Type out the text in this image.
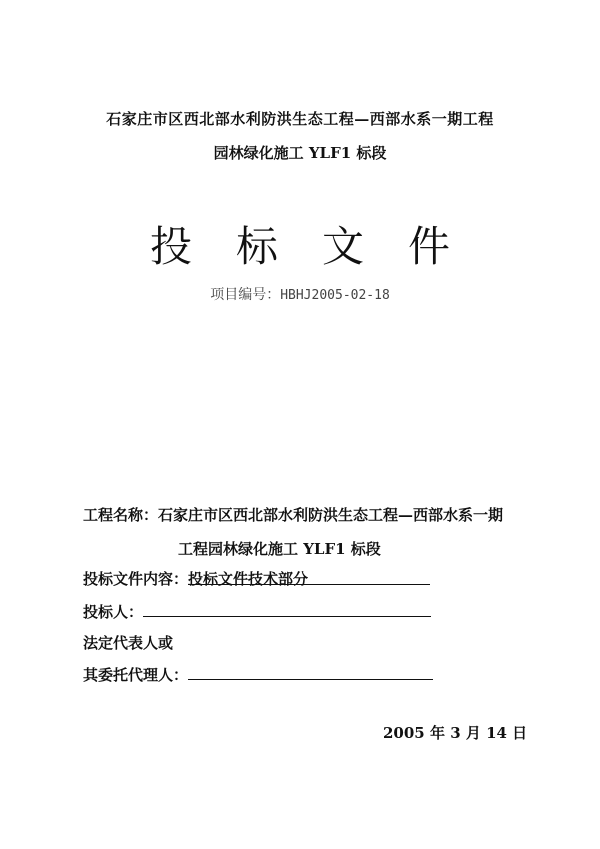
石家庄市区西北部水利防洪生态工程—西部水系一期工程
园林绿化施工 YLF1 标段
投标文件
项目编号：HBHJ2005-02-18
工程名称：石家庄市区西北部水利防洪生态工程—西部水系一期
工程园林绿化施工 YLF1 标段
投标文件内容：投标文件技术部分
投标人：
法定代表人或
其委托代理人：
2005 年 3 月 14 日
